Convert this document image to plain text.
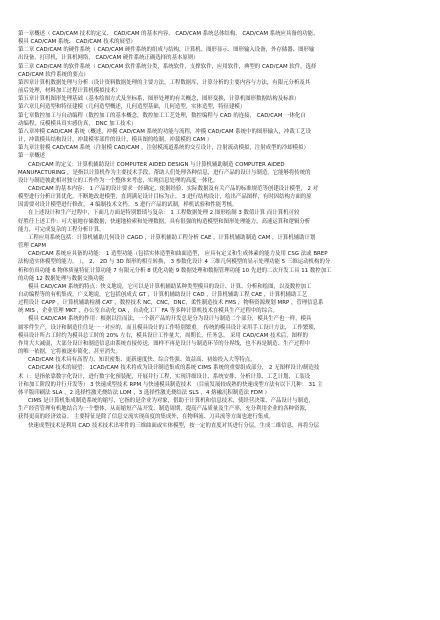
第一章概述（ CAD/CAM 技术的定义、 CAD/CAM 的基本内容、 CAD/CAM 系统总体结构、 CAD/CAM 系统应具备的功能、

模具 CAD/CAM 系统、 CAD/CAM 技术的展望）

第二章 CAD/CAM 的硬件系统（ CAD/CAM 硬件系统的组成与结构，计算机、图形显示、图形输入设备，外存储器、图形输

出设备，打印机，计算机网络， CAD/CAM 硬件系统正确选择的基本原则）

第三章 CAD/CAM 的软件系统（ CAD/CAM 软件系统分类，系统软件，支撑软件，应用软件，典型的 CAD/CAM 软件，选择

CAD/CAM 软件系统的要点）

第四章计算机数据处理与分析（设计资料数据处理的主要方法，工程数据库，计算分析的主要内容与方法，有限元分析及其

前后处理，材料加工过程计算机模拟技术）

第五章计算机图形处理基础（基本绘图方式及坐标系，图形处理的有关概念，图形变换，计算机图形数据结构及标准）

第六章几何造型和特征建模（几何造型概述，几何造型基础，几何造型，实体造型，特征建模）

第七章数控加工与自动编程（数控加工的基本概念，数控加工工艺处理，数控编程与 CAD 的连接， CAD/CAM 一体化自

动编程，反模模具真实感仿真， DNC 加工技术）

第八章冲模 CAD/CAM 系统（概述，冲模 CAD/CAM 系统的功能与流程，冲模 CAD/CAM 系统中的图形输入，冲裁工艺设

计，冲裁模具结构设计，冲裁模零部件的设计，模具图的绘制，冲裁模的 CAM ）

第九章注射模 CAD/CAM 系统（注射模 CAD/CAM ，注射模流道系统的交互设计，注射流动模拟，注射成型的冷却模拟）

第一章概述

CAD/CAM 的定义：计算机辅助设计 COMPUTER AIDED DESIGN 与计算机辅助制造 COMPUTER AIDED

MANUFACTURING ，是指以计算机作为主要技术手段，帮助人们处理各种信息，进行产品的设计与制造。它能够将传统的

设计与制造彼此相对独立的工作作为一个整体来考虑，实现信息处理的高度一体化。

CAD/CAM 的基本内容： 1 产品的设计要求一经确定，依据经验、实际数据及有关产品的标准规范等创建设计模型， 2 对

模型进行分析计算优化，不断地改进模型，直到满足设计目标为止。 3 进行结构设计，绘出产品图样，有时因结构方面的原

因需要对设计模型进行修改。 4 编制技术文档。 5 进行产品的试制，样机试验和性能考核。

在上述设计和生产过程中，下面几方面是特别繁琐与复杂： 1 工程数据处理 2 图形绘制 3 数值计算 而计算机可较

好胜任上述工作：可大量地存储数据，快速地检索和处理数据，具有很强的构造模型和图形处理能力，高速运算和逻辑分析

能力，可完成复杂的工程分析计算。

工程应用系统包括：计算机辅助几何设计 CAGD ，计算机辅助工程分析 CAE ，计算机辅助制造 CAM ，计算机辅助计划

管理 CAPM

CAD/CAM 系统应具备的功能： 1 造型功能（包括实体造型和曲面造型， 应具有定义和生成体素的能力及用 CSG 法或 BREP

法构造实体模型的能力。 ）， 2、 2D 与 3D 图形的相互转换， 3 参数化设计 4 三维几何模型的显示处理功能 5 三维运动机构的分

析和仿真功能 6 物体质量特征计算功能 7 有限元分析 8 优化功能 9 数据处理和数据管理功能 10 先进的二次开发工具 11 数控加工

的功能 12 数据处理与数据交换功能

模具 CAD/CAM 系统的特点：快义地说，它可以是计算机辅助某种类型模具的设计、计算、分析和绘图，以及数控加工

自动编程等的有机集成，广义地说，它包括创成式 GT ，计算机辅助设计 CAD ，计算机辅助工程 CAE ，计算机辅助工艺

过程设计 CAPP ，计算机辅助检测 CAT ，数控技术 NC，CNC，DNC，柔性制造技术 FMS ，物料资源规划 MRP ，管理信息系

统 MIS ，企业管理 MKT ，办公室自动化 OA ，自动化工厂 FA 等多种计算机技术在模具生产过程中的综合。

模具 CAD/CAM 系统的作用：根据以往而法，一个新产品的开发总是分为设计与制造二个部分，模具生产也一样，模具

属零件生产，设计和制造往往是一一对应的，而且模具设计的工作特别繁重。 传统的模具设计采用手工设计方法， 工作繁琐，

模具设计所占工时约为模具总工时的 20% 左右，模具设计工作量大，周期长，任务急。 采用 CAD/CAM 技术后，图样的

作用大大减弱，大部分设计和制造信息由系统直接传送，图样不再是设计与制造环节的分界线，也不再是制造、生产过程中

的唯一依据，它将被逐步简化，甚至消失。

CAD/CAM 技术具有高智力、知识密集、更新速度快、综合性强、效益高、初始投入大等特点。

CAD/CAM 技术的展望： 1CAD/CAM 技术将成为设计制造集成的系统 CIMS 系统的重要组成部分， 2 无图样设计/制造技

术（：是指依靠数字化设计，进行数字化预装配，开展并行工程，实现详细设计、系统安排、分析计算、工艺计划、工装设

计和加工阶段的并行开发等） 3 快速成型技术 RPM 与快速模具制造技术 （目前发展较成熟的快速成型方法有以下几种： 31 主

体平版印刷法 SLA ，2 选择性激光烧结法 LOM ，3 选择性激光烧结法 SLS ，4 熔融沉积制造法 FDM ）

CIMS 是计算机集成制造系统的缩写，它指的是企业为对象，借助于计算机和信息技术，使经营决策、产品设计与制造，

生产经营管理有机地结合为一个整体，从而缩短产品开发、制造周期，提高产品质量及生产率，充分利用企业的各种资源，

获得更高的经济效益。 主要特征是除了信息交流实现高度的集成外，在物料流、刀具流等方面也进行集成。

快速成型技术是利用 CAD 技术技术出零件的三维曲面或实体模型，按一定的直度对其进行分层，生成二维信息，再将分层
